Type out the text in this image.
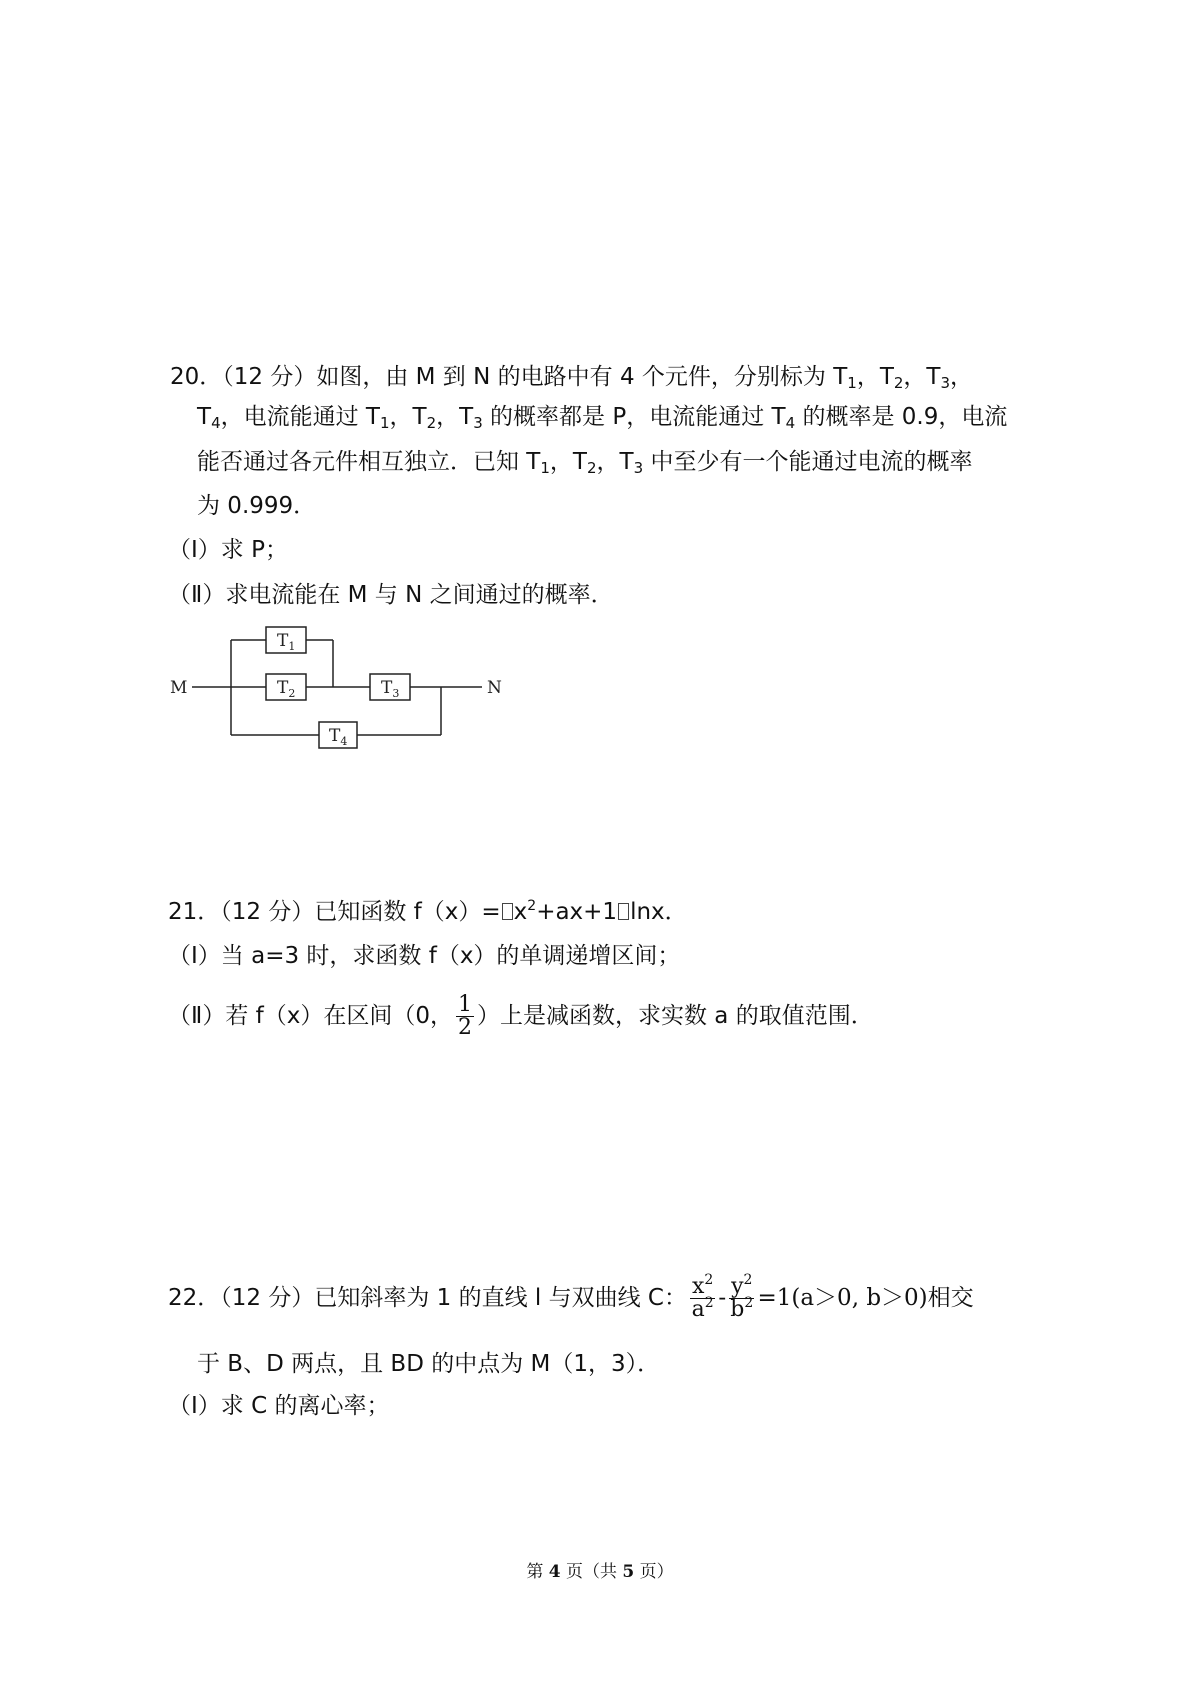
20．（12 分）如图，由 M 到 N 的电路中有 4 个元件，分别标为 $T_1$，$T_2$，$T_3$，
$T_4$，电流能通过 $T_1$，$T_2$，$T_3$ 的概率都是 P，电流能通过 $T_4$ 的概率是 0.9，电流
能否通过各元件相互独立．已知 $T_1$，$T_2$，$T_3$ 中至少有一个能通过电流的概率
为 0.999．
（Ⅰ）求 P；
（Ⅱ）求电流能在 M 与 N 之间通过的概率．
M	N
$T_1$
$T_2$	$T_3$
$T_4$
21．（12 分）已知函数 $f(x)= x^2+ax+1$ lnx．
（Ⅰ）当 a=3 时，求函数 f（x）的单调递增区间；
（Ⅱ）若 f（x）在区间（0， $\frac{1}{2}$ ）上是减函数，求实数 a 的取值范围．
22．（12 分）已知斜率为 1 的直线 l 与双曲线 C： $\frac{x^2}{a^2} - \frac{y^2}{b^2} =1(a>0$, b＞0)相交
于 B、D 两点，且 BD 的中点为 M（1，3）．
（Ⅰ）求 C 的离心率；
第 4 页（共 5 页）
